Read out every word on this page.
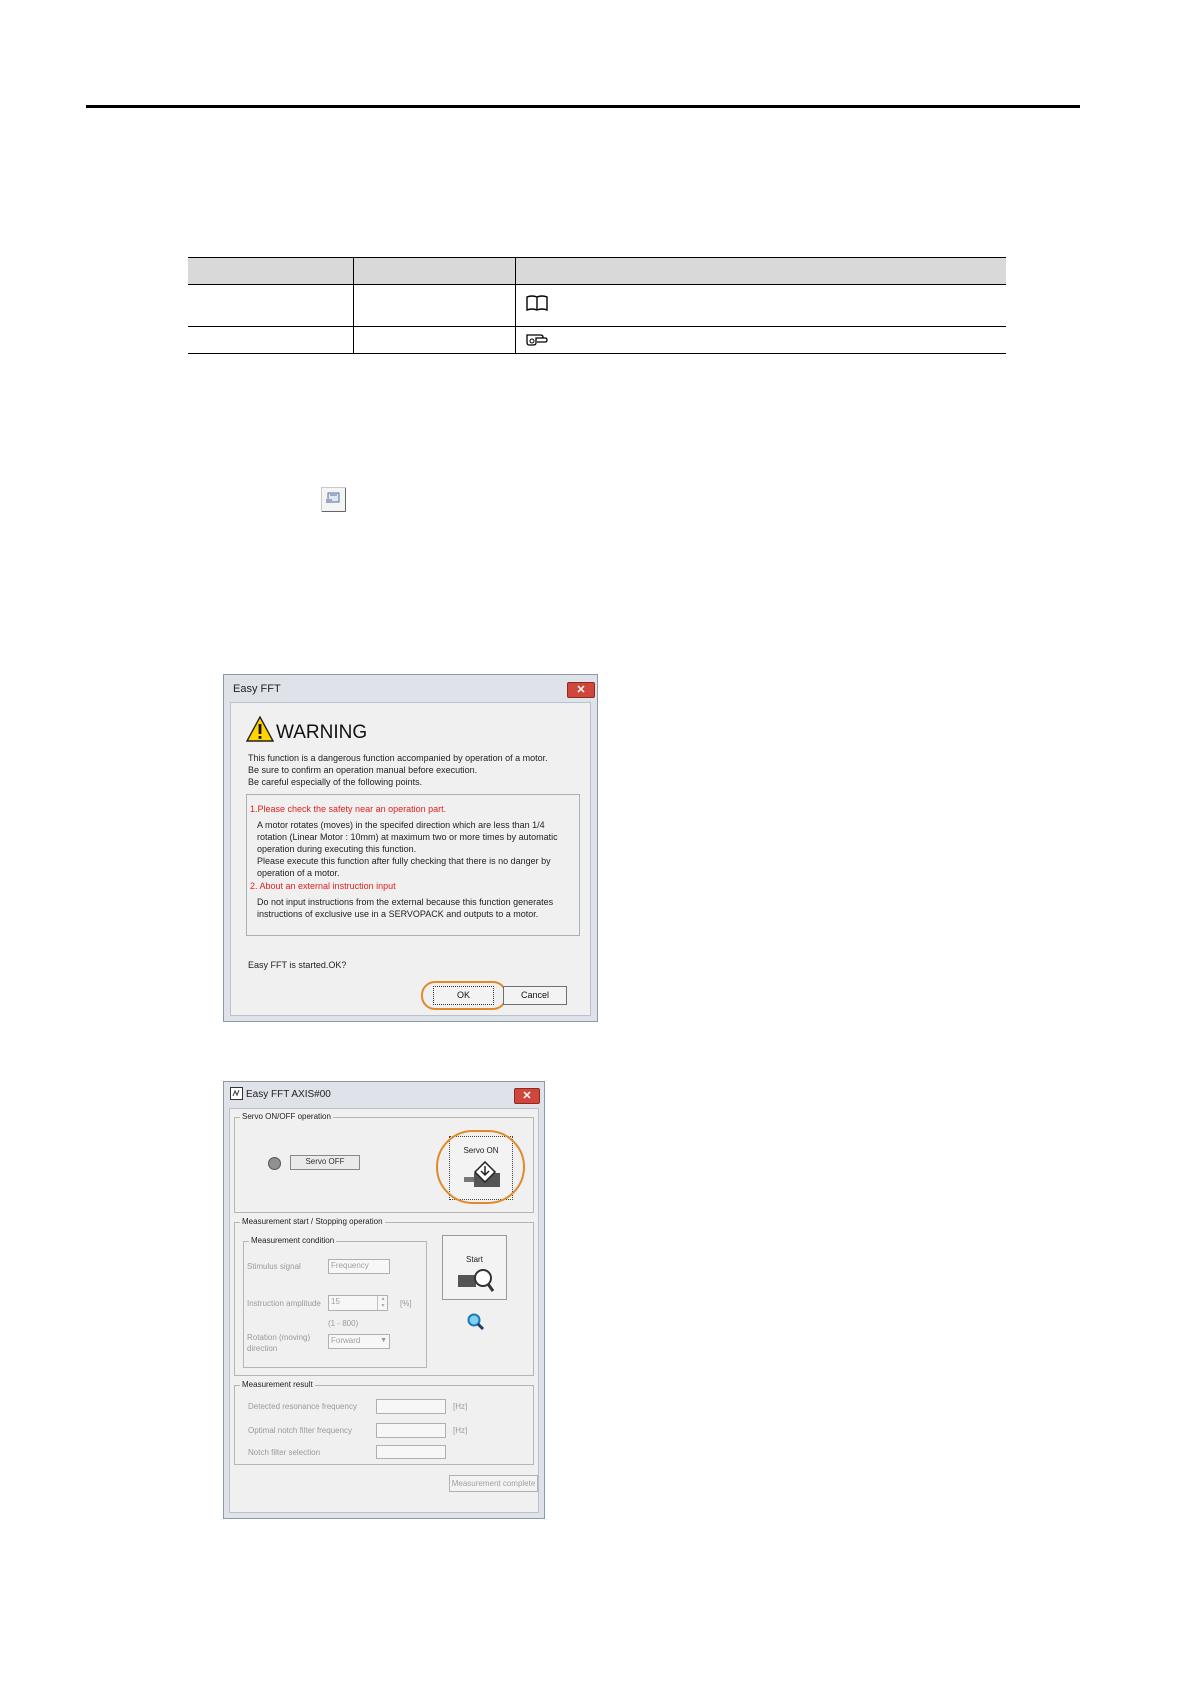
Easy FFT	✕
WARNING
This function is a dangerous function accompanied by operation of a motor.
Be sure to confirm an operation manual before execution.
Be careful especially of the following points.
1.Please check the safety near an operation part.
A motor rotates (moves) in the specifed direction which are less than 1/4
rotation (Linear Motor : 10mm) at maximum two or more times by automatic
operation during executing this function.
Please execute this function after fully checking that there is no danger by
operation of a motor.
2. About an external instruction input
Do not input instructions from the external because this function generates
instructions of exclusive use in a SERVOPACK and outputs to a motor.
Easy FFT is started.OK?
OK	Cancel
Easy FFT AXIS#00	✕
Servo ON/OFF operation
Servo OFF
Servo ON
Measurement start / Stopping operation
Measurement condition
Stimulus signal	Frequency
Instruction amplitude	15	▴
▾	[%]
(1 - 800)
Rotation (moving)
direction
Forward	▼
Start
Measurement result
Detected resonance frequency	[Hz]
Optimal notch filter frequency	[Hz]
Notch filter selection
Measurement complete
